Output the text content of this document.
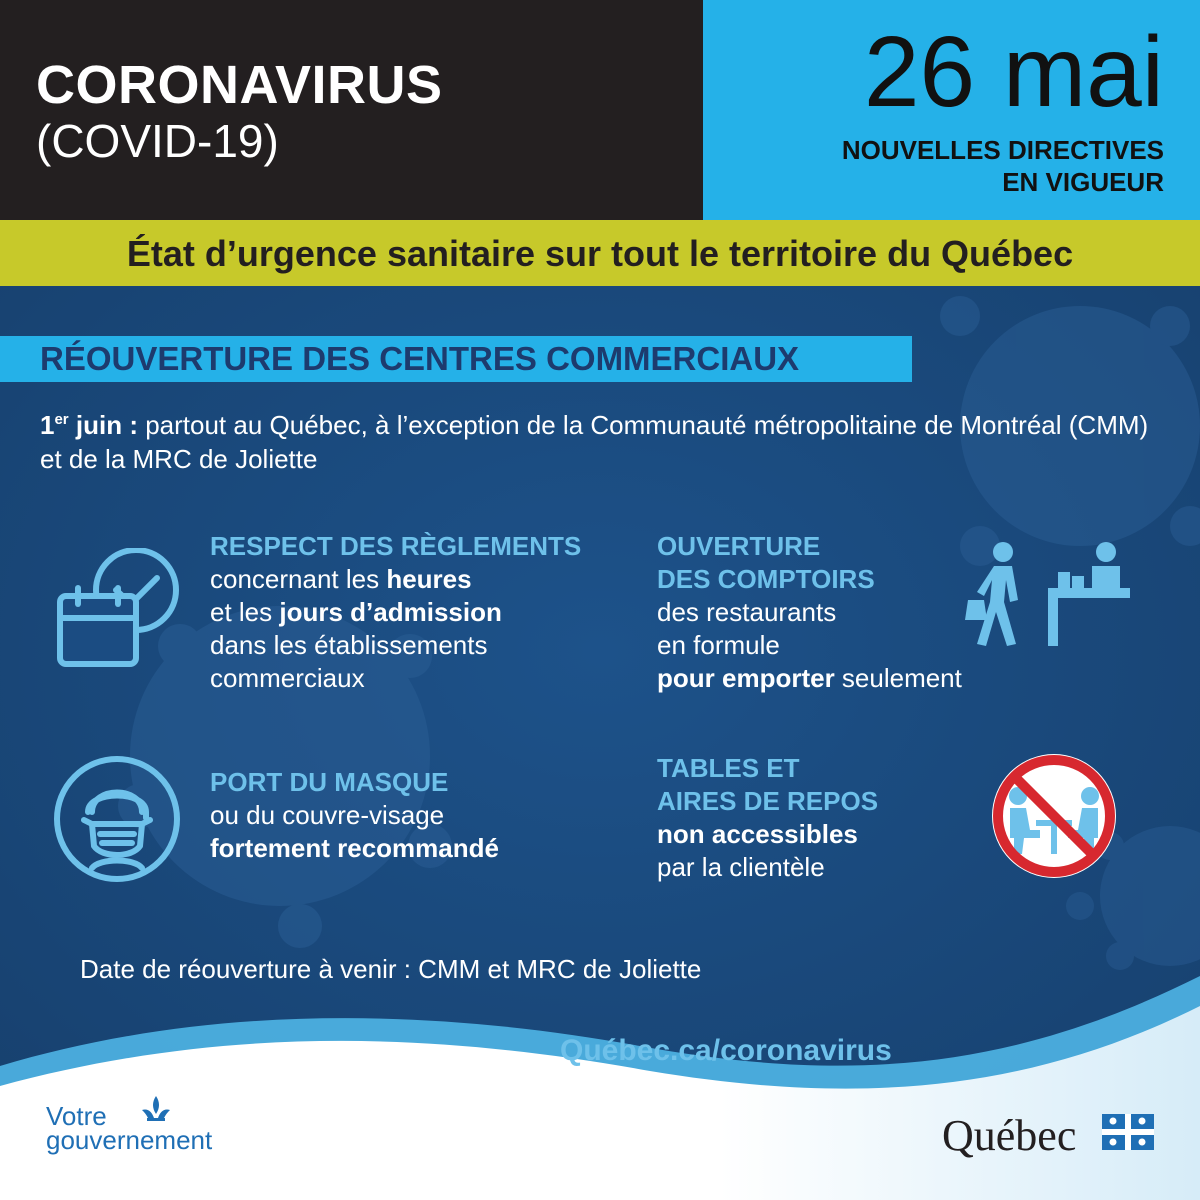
CORONAVIRUS
(COVID-19)
26 mai
NOUVELLES DIRECTIVES
EN VIGUEUR
État d’urgence sanitaire sur tout le territoire du Québec
RÉOUVERTURE DES CENTRES COMMERCIAUX
1er juin : partout au Québec, à l’exception de la Communauté métropolitaine de Montréal (CMM) et de la MRC de Joliette
RESPECT DES RÈGLEMENTS
concernant les heures
et les jours d’admission
dans les établissements
commerciaux
OUVERTURE
DES COMPTOIRS
des restaurants
en formule
pour emporter seulement
PORT DU MASQUE
ou du couvre-visage
fortement recommandé
TABLES ET
AIRES DE REPOS
non accessibles
par la clientèle
Date de réouverture à venir : CMM et MRC de Joliette
Québec.ca/coronavirus
Votre
gouvernement	Québec
